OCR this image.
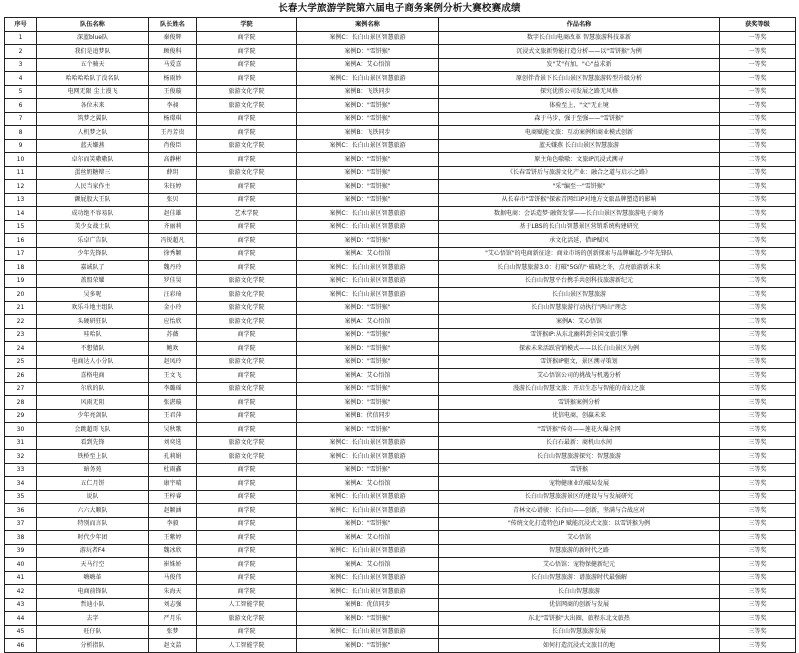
长春大学旅游学院第六届电子商务案例分析大赛校赛成绩
序号	队伍名称	队长姓名	学院	案例名称	作品名称	获奖等级
1	深蓝blue队	秦俊辉	商学院	案例C：长白山景区智慧旅游	数字长白山电商改革 智慧旅游科技革新	一等奖
2	我们是追梦队	顾俊科	商学院	案例D："雪饼猴"	沉浸式文旅新势能打造分析——以"雪饼猴"为例	一等奖
3	五个骑天	马爱喜	商学院	案例A：艾心悟馆	发"艾"有加，"心"益求新	一等奖
4	哈哈哈哈队了没名队	杨雨妙	商学院	案例C：长白山景区智慧旅游	原创伴背景下长白山景区智慧旅游转型升级分析	一等奖
5	电网无限 尘土漫飞	王俊璇	旅游文化学院	案例B：飞铁同步	探究优胜公司发展之路无风格	一等奖
6	各位未来	李昶	旅游文化学院	案例D："雪饼猴"	体验至上，"文"无止境	一等奖
7	筑梦之翼队	杨璟琪	商学院	案例D："雪饼猴"	森于马步，强于至强——"雪饼猴"	二等奖
8	人机梦之队	王丹芳贵	商学院	案例B：飞铁同步	电商赋能文旅：互动案例和商业模式创新	二等奖
9	蓝天嫌燕	肖俊臣	旅游文化学院	案例C：长白山景区智慧旅游	蓝天嫌燕 长白山景区智慧旅游	二等奖
10	卓尔而笑嗷嗷队	高静彬	商学院	案例D："雪饼猴"	原主角色嗷嗷：文旅IP沉浸式溯寻	二等奖
11	蛋丝奶糖辩三	薛玥	旅游文化学院	案例D："雪饼猴"	《长春雪饼后与旅游文化产业：融合之道与启示之路》	二等奖
12	人民当家作主	朱钰婷	商学院	案例D："雪饼猴"	"采"编至一"雪饼猴"	二等奖
13	颤屁股大王队	张贝	商学院	案例D："雪饼猴"	从长春市"雪饼猴"探索青网红IP对地方文旅品牌塑造的影响	二等奖
14	成功绝不容易队	赵佳雄	艺术学院	案例C：长白山景区智慧旅游	数据电商：会话造梦·融资发掌——长白山景区智慧旅游电子商务	二等奖
15	美少女战士队	齐丽莉	商学院	案例C：长白山景区智慧旅游	基于LBS的长白山智慧景区营销系统构建研究	二等奖
16	乐卓广告队	冯锐超凡	商学院	案例D："雪饼猴"	承文化活延，借IP赋风	二等奖
17	少年先锋队	徐秀颖	商学院	案例A：艾心悟馆	"艾心悟馆"的电商新征途：商业市场的创新探索与品牌崛起-少年先锋队	二等奖
18	嘉诚队了	魏丹玲	商学院	案例C：长白山景区智慧旅游	长白山智慧旅游3.0：打破"5G的"·破晓之冬，点亮旅游新未来	二等奖
19	盖盟荣耀	罗佳昊	旅游文化学院	案例C：长白山景区智慧旅游	长白山智慧平台携手共创科技旅游新纪元	二等奖
20	吴多呢	汪彩琦	旅游文化学院	案例C：长白山景区智慧旅游	长白山景区智慧旅游	二等奖
21	欢乐斗地主组队	金小玲	旅游文化学院	案例D："雪饼猴"	长白山智慧旅游行动执行"两山"理念	二等奖
22	头硬研狂队	应怡欣	旅游文化学院	案例A：艾心悟馆	案例A：艾心悟馆	二等奖
23	哇哈队	苏薇	商学院	案例D："雪饼猴"	雪饼猴IP:从东北幽料到全国文旅引擎	三等奖
24	不想猜队	鲍欢	商学院	案例D："雪饼猴"	探索未来活跃营销模式——以长白山景区为例	三等奖
25	电商达人小分队	赵凤玲	旅游文化学院	案例D："雪饼猴"	雪饼猴IP驱文，景区溯寻策划	三等奖
26	喜格电商	王文飞	商学院	案例A：艾心悟馆	艾心悟馆公司的挑战与机遇分析	三等奖
27	尔欣的队	李璐瑶	旅游文化学院	案例D："雪饼猴"	漫游长白山智慧文旅：开启生态与智能的奇幻之旅	三等奖
28	风雨无阻	张湛璇	商学院	案例D："雪饼猴"	雪饼猴案例分析	三等奖
29	少年亮剑队	王君萍	商学院	案例B：伏信同步	优信电商，创赢未来	三等奖
30	会跳超哥飞队	吴秋歌	商学院	案例D："雪饼猴"	"雪饼猴"传奇——莲花火爆全网	三等奖
31	看到先锋	刘奕选	旅游文化学院	案例C：长白山景区智慧旅游	长白石最新：商机山水间	三等奖
32	铁桥至上队	孔莉娟	旅游文化学院	案例C：长白山景区智慧旅游	长白山智慧旅游探究：智慧旅游	三等奖
33	暗务苑	杜雨鑫	商学院	案例D："雪饼猴"	雪饼猴	三等奖
34	五仁月饼	康宇晴	商学院	案例A：艾心悟馆	宠物健康业的破局发展	三等奖
35	说队	王梓睿	商学院	案例C：长白山景区智慧旅游	长白山智慧旅游景区的建设与与发展研究	三等奖
36	六六大顺队	赵颖涵	商学院	案例C：长白山景区智慧旅游	青林文心谱骏：长白山——创新，坚满与合战应对	三等奖
37	特别而言队	李毅	商学院	案例D："雪饼猴"	"传统文化打造特色IP 赋能沉浸式文旅：以雪饼猴为例	三等奖
38	时代少年团	王紫婷	商学院	案例A：艾心悟馆	艾心悟馆	三等奖
39	游玩者F4	魏冰欣	商学院	案例C：长白山景区智慧旅游	智慧旅游的新时代之路	三等奖
40	天马行空	崔姝娇	商学院	案例A：艾心悟馆	艾心悟馆：宠物保健新纪元	三等奖
41	嗨嗨革	马俊伟	商学院	案例C：长白山景区智慧旅游	长白山智慧旅游：谱旅游时代最强解	三等奖
42	电商前锋队	朱海天	商学院	案例C：长白山景区智慧旅游	长白山智慧旅游	三等奖
43	哲迪小队	刘志强	人工智能学院	案例B：优信同步	优信网商的创新与发展	三等奖
44	去字	严月乐	旅游文化学院	案例D："雪饼猴"	东北"雪饼猴"大出圈，旅程东北文旅热	三等奖
45	旺仔队	张梦	商学院	案例C：长白山景区智慧旅游	长白山智慧旅游发展	三等奖
46	分析指队	赵文喆	人工智能学院	案例D："雪饼猴"	如何打造沉浸式文旅目的地	三等奖
